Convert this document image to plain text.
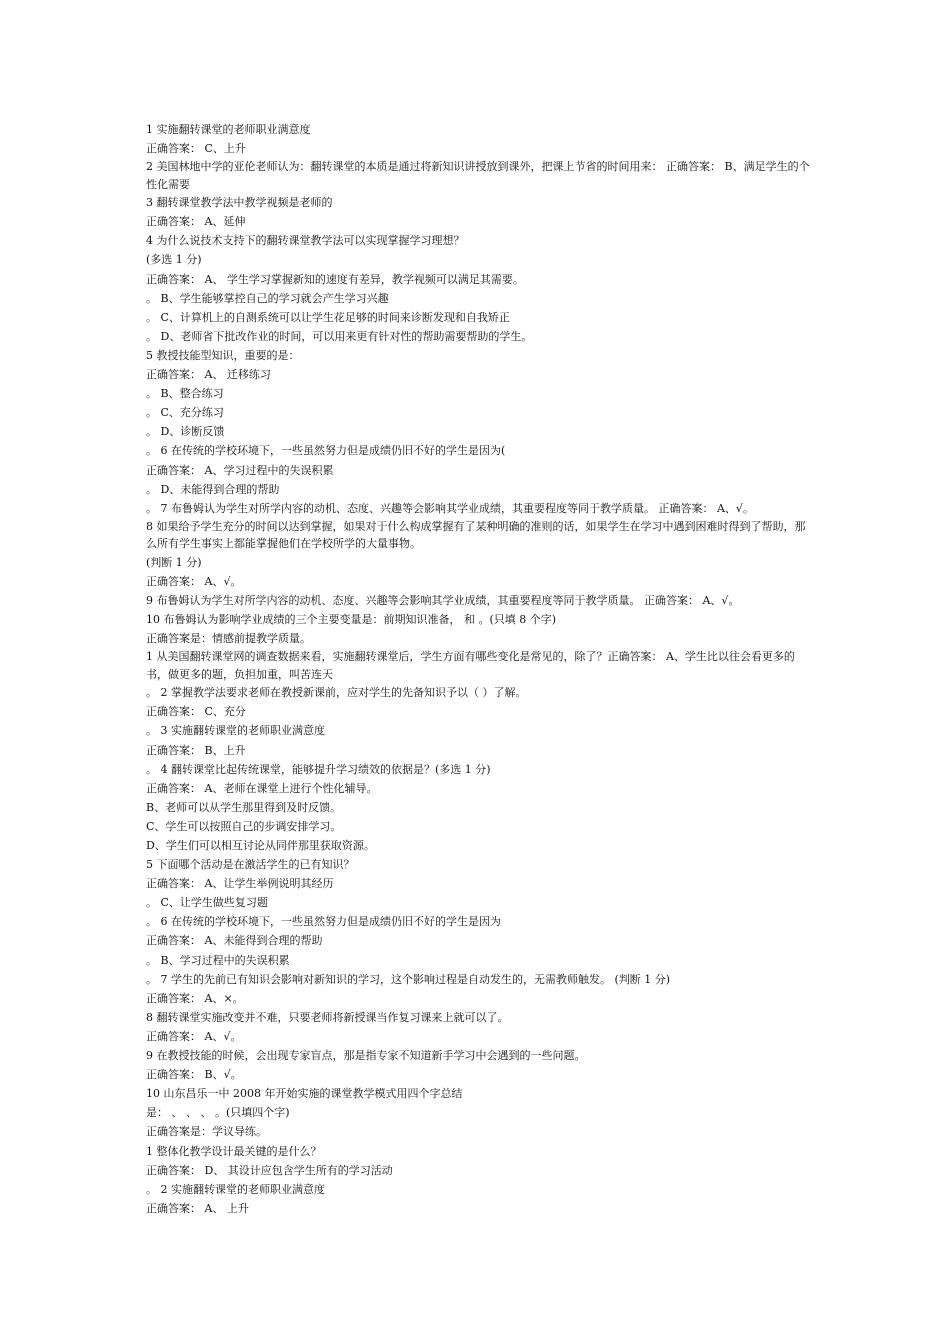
1 实施翻转课堂的老师职业满意度
正确答案： C、上升
2 美国林地中学的亚伦老师认为：翻转课堂的本质是通过将新知识讲授放到课外，把课上节省的时间用来： 正确答案： B、满足学生的个性化需要
3 翻转课堂教学法中教学视频是老师的
正确答案： A、延伸
4 为什么说技术支持下的翻转课堂教学法可以实现掌握学习理想？
(多选 1 分)
正确答案： A、 学生学习掌握新知的速度有差异，教学视频可以满足其需要。
。 B、学生能够掌控自己的学习就会产生学习兴趣
。 C、计算机上的自测系统可以让学生花足够的时间来诊断发现和自我矫正
。 D、老师省下批改作业的时间，可以用来更有针对性的帮助需要帮助的学生。
5 教授技能型知识，重要的是：
正确答案： A、 迁移练习
。 B、整合练习
。 C、充分练习
。 D、诊断反馈
。 6 在传统的学校环境下，一些虽然努力但是成绩仍旧不好的学生是因为(
正确答案： A、学习过程中的失误积累
。 D、未能得到合理的帮助
。 7 布鲁姆认为学生对所学内容的动机、态度、兴趣等会影响其学业成绩，其重要程度等同于教学质量。 正确答案： A、√。
8 如果给予学生充分的时间以达到掌握，如果对于什么构成掌握有了某种明确的准则的话，如果学生在学习中遇到困难时得到了帮助，那么所有学生事实上都能掌握他们在学校所学的大量事物。
(判断 1 分)
正确答案： A、√。
9 布鲁姆认为学生对所学内容的动机、态度、兴趣等会影响其学业成绩，其重要程度等同于教学质量。 正确答案： A、√。
10 布鲁姆认为影响学业成绩的三个主要变量是：前期知识准备， 和 。(只填 8 个字)
正确答案是：情感前提教学质量。
1 从美国翻转课堂网的调查数据来看，实施翻转课堂后，学生方面有哪些变化是常见的，除了？正确答案： A、学生比以往会看更多的书，做更多的题，负担加重，叫苦连天
。 2 掌握教学法要求老师在教授新课前，应对学生的先备知识予以（ ）了解。
正确答案： C、充分
。 3 实施翻转课堂的老师职业满意度
正确答案： B、上升
。 4 翻转课堂比起传统课堂，能够提升学习绩效的依据是？(多选 1 分)
正确答案： A、老师在课堂上进行个性化辅导。
B、老师可以从学生那里得到及时反馈。
C、学生可以按照自己的步调安排学习。
D、学生们可以相互讨论从同伴那里获取资源。
5 下面哪个活动是在激活学生的已有知识？
正确答案： A、让学生举例说明其经历
。 C、让学生做些复习题
。 6 在传统的学校环境下，一些虽然努力但是成绩仍旧不好的学生是因为
正确答案： A、未能得到合理的帮助
。 B、学习过程中的失误积累
。 7 学生的先前已有知识会影响对新知识的学习，这个影响过程是自动发生的，无需教师触发。 (判断 1 分)
正确答案： A、×。
8 翻转课堂实施改变并不难，只要老师将新授课当作复习课来上就可以了。
正确答案： A、√。
9 在教授技能的时候，会出现专家盲点，那是指专家不知道新手学习中会遇到的一些问题。
正确答案： B、√。
10 山东昌乐一中 2008 年开始实施的课堂教学模式用四个字总结
是： 、 、 、 。(只填四个字)
正确答案是：学议导练。
1 整体化教学设计最关键的是什么？
正确答案： D、 其设计应包含学生所有的学习活动
。 2 实施翻转课堂的老师职业满意度
正确答案： A、 上升
